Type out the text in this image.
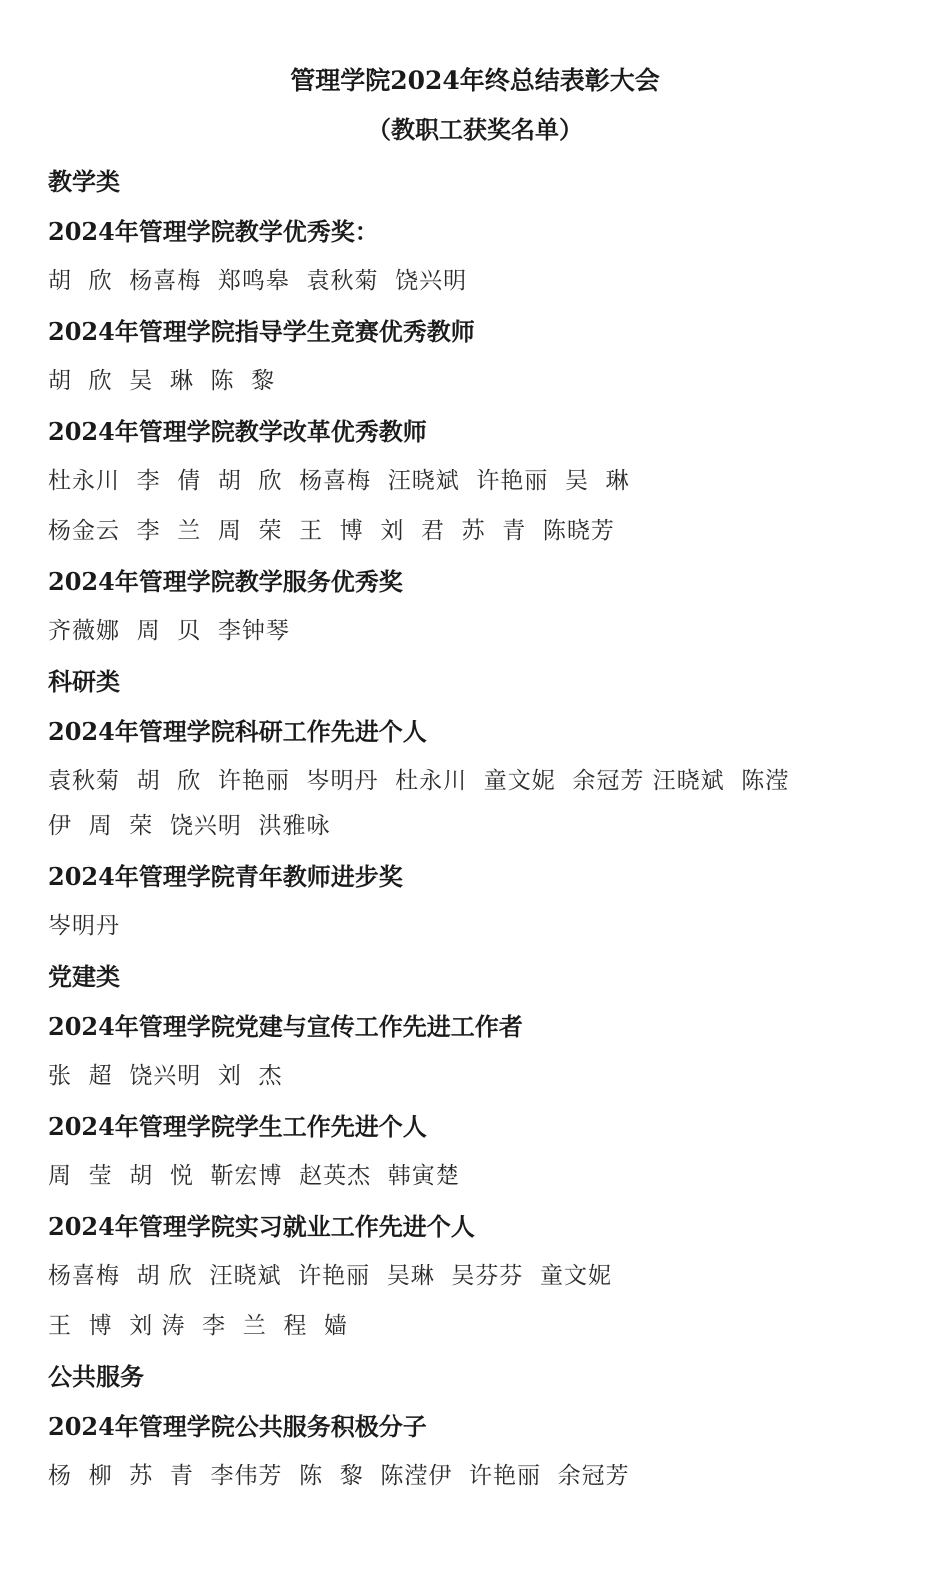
管理学院2024年终总结表彰大会
（教职工获奖名单）
教学类
2024年管理学院教学优秀奖：
胡  欣  杨喜梅  郑鸣皋  袁秋菊  饶兴明
2024年管理学院指导学生竞赛优秀教师
胡  欣  吴  琳  陈  黎
2024年管理学院教学改革优秀教师
杜永川  李  倩  胡  欣  杨喜梅  汪晓斌  许艳丽  吴  琳
杨金云  李  兰  周  荣  王  博  刘  君  苏  青  陈晓芳
2024年管理学院教学服务优秀奖
齐薇娜  周  贝  李钟琴
科研类
2024年管理学院科研工作先进个人
袁秋菊  胡  欣  许艳丽  岑明丹  杜永川  童文妮  余冠芳 汪晓斌  陈滢
伊  周  荣  饶兴明  洪雅咏
2024年管理学院青年教师进步奖
岑明丹
党建类
2024年管理学院党建与宣传工作先进工作者
张  超  饶兴明  刘  杰
2024年管理学院学生工作先进个人
周  莹  胡  悦  靳宏博  赵英杰  韩寅楚
2024年管理学院实习就业工作先进个人
杨喜梅  胡 欣  汪晓斌  许艳丽  吴琳  吴芬芬  童文妮
王  博  刘 涛  李  兰  程  嫱
公共服务
2024年管理学院公共服务积极分子
杨  柳  苏  青  李伟芳  陈  黎  陈滢伊  许艳丽  余冠芳
